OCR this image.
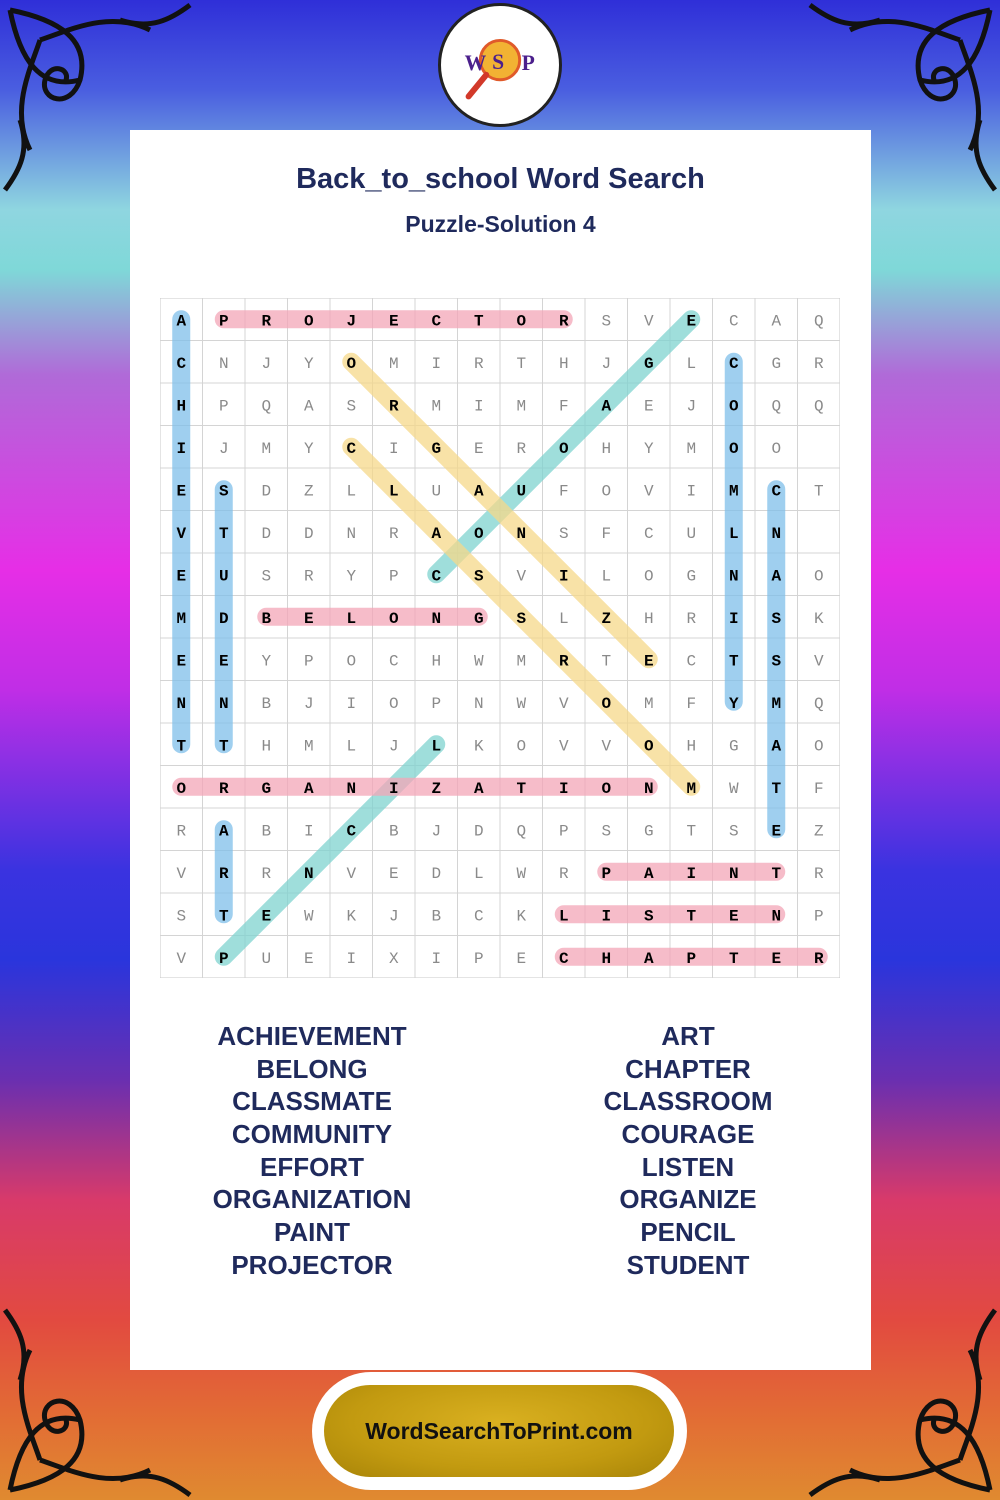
W S P
Back_to_school Word Search
Puzzle-Solution 4
A P R O J E C T O R S V E C A Q
C N J Y O M I R T H J G L C G R
H P Q A S R M I M F A E J O Q Q
I J M Y C I G E R O H Y M O O
E S D Z L L U A U F O V I M C T
V T D D N R A O N S F C U L N
E U S R Y P C S V I L O G N A O
M D B E L O N G S L Z H R I S K
E E Y P O C H W M R T E C T S V
N N B J I O P N W V O M F Y M Q
T T H M L J L K O V V O H G A O
O R G A N I Z A T I O N M W T F
R A B I C B J D Q P S G T S E Z
V R R N V E D L W R P A I N T R
S T E W K J B C K L I S T E N P
V P U E I X I P E C H A P T E R
ACHIEVEMENT
BELONG
CLASSMATE
COMMUNITY
EFFORT
ORGANIZATION
PAINT
PROJECTOR
ART
CHAPTER
CLASSROOM
COURAGE
LISTEN
ORGANIZE
PENCIL
STUDENT
WordSearchToPrint.com
